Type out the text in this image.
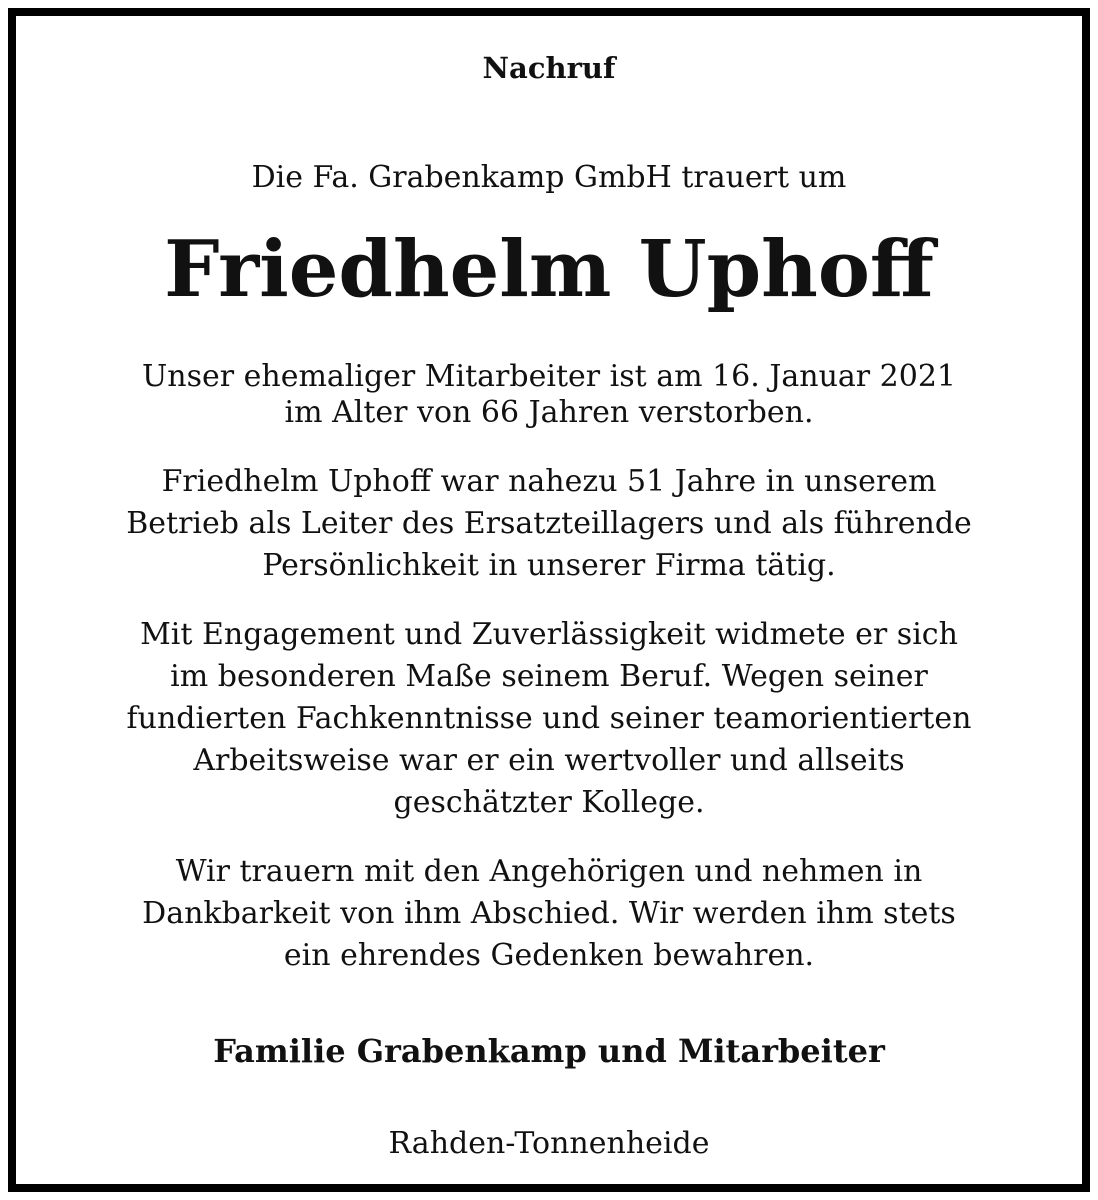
Nachruf
Die Fa. Grabenkamp GmbH trauert um
Friedhelm Uphoff
Unser ehemaliger Mitarbeiter ist am 16. Januar 2021
im Alter von 66 Jahren verstorben.
Friedhelm Uphoff war nahezu 51 Jahre in unserem
Betrieb als Leiter des Ersatzteillagers und als führende
Persönlichkeit in unserer Firma tätig.
Mit Engagement und Zuverlässigkeit widmete er sich
im besonderen Maße seinem Beruf. Wegen seiner
fundierten Fachkenntnisse und seiner teamorientierten
Arbeitsweise war er ein wertvoller und allseits
geschätzter Kollege.
Wir trauern mit den Angehörigen und nehmen in
Dankbarkeit von ihm Abschied. Wir werden ihm stets
ein ehrendes Gedenken bewahren.
Familie Grabenkamp und Mitarbeiter
Rahden-Tonnenheide
